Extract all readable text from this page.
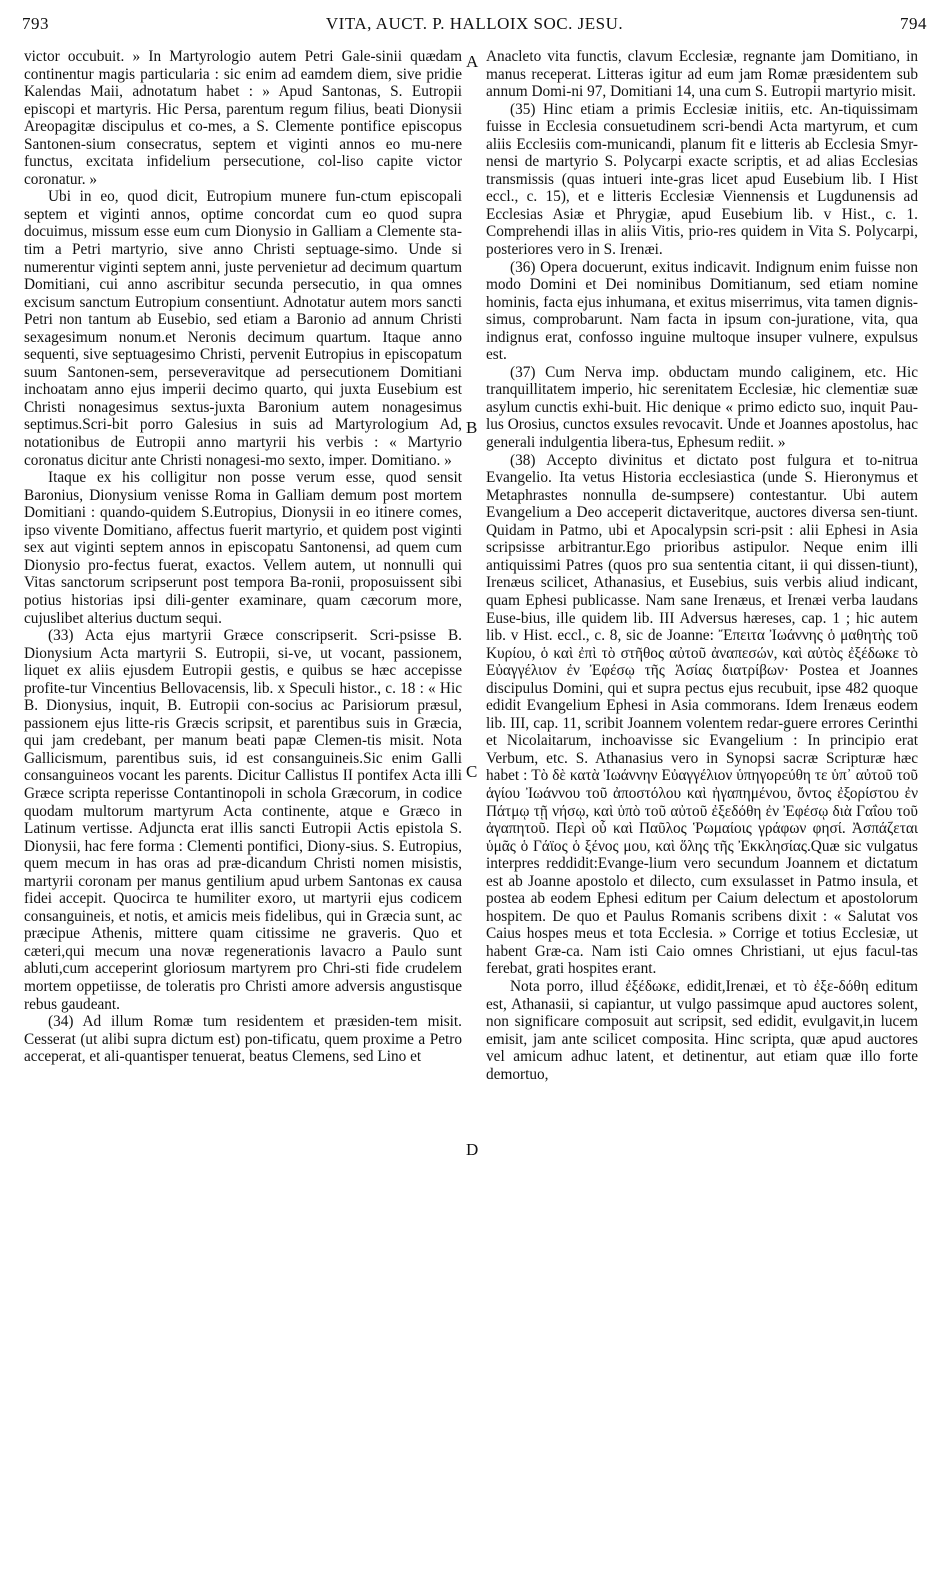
793	VITA, AUCT. P. HALLOIX SOC. JESU.	794
A
B
C
D

victor occubuit. » In Martyrologio autem Petri Gale-sinii quædam continentur magis particularia : sic enim ad eamdem diem, sive pridie Kalendas Maii, adnotatum habet : » Apud Santonas, S. Eutropii episcopi et martyris. Hic Persa, parentum regum filius, beati Dionysii Areopagitæ discipulus et co-mes, a S. Clemente pontifice episcopus Santonen-sium consecratus, septem et viginti annos eo mu-nere functus, excitata infidelium persecutione, col-liso capite victor coronatur. »

Ubi in eo, quod dicit, Eutropium munere fun-ctum episcopali septem et viginti annos, optime concordat cum eo quod supra docuimus, missum esse eum cum Dionysio in Galliam a Clemente sta-tim a Petri martyrio, sive anno Christi septuage-simo. Unde si numerentur viginti septem anni, juste pervenietur ad decimum quartum Domitiani, cui anno ascribitur secunda persecutio, in qua omnes excisum sanctum Eutropium consentiunt. Adnotatur autem mors sancti Petri non tantum ab Eusebio, sed etiam a Baronio ad annum Christi sexagesimum nonum.et Neronis decimum quartum. Itaque anno sequenti, sive septuagesimo Christi, pervenit Eutropius in episcopatum suum Santonen-sem, perseveravitque ad persecutionem Domitiani inchoatam anno ejus imperii decimo quarto, qui juxta Eusebium est Christi nonagesimus sextus-juxta Baronium autem nonagesimus septimus.Scri-bit porro Galesius in suis ad Martyrologium Ad, notationibus de Eutropii anno martyrii his verbis : « Martyrio coronatus dicitur ante Christi nonagesi-mo sexto, imper. Domitiano. »

Itaque ex his colligitur non posse verum esse, quod sensit Baronius, Dionysium venisse Roma in Galliam demum post mortem Domitiani : quando-quidem S.Eutropius, Dionysii in eo itinere comes, ipso vivente Domitiano, affectus fuerit martyrio, et quidem post viginti sex aut viginti septem annos in episcopatu Santonensi, ad quem cum Dionysio pro-fectus fuerat, exactos. Vellem autem, ut nonnulli qui Vitas sanctorum scripserunt post tempora Ba-ronii, proposuissent sibi potius historias ipsi dili-genter examinare, quam cæcorum more, cujuslibet alterius ductum sequi.

(33) Acta ejus martyrii Græce conscripserit. Scri-psisse B. Dionysium Acta martyrii S. Eutropii, si-ve, ut vocant, passionem, liquet ex aliis ejusdem Eutropii gestis, e quibus se hæc accepisse profite-tur Vincentius Bellovacensis, lib. x Speculi histor., c. 18 : « Hic B. Dionysius, inquit, B. Eutropii con-socius ac Parisiorum præsul, passionem ejus litte-ris Græcis scripsit, et parentibus suis in Græcia, qui jam credebant, per manum beati papæ Clemen-tis misit. Nota Gallicismum, parentibus suis, id est consanguineis.Sic enim Galli consanguineos vocant les parents. Dicitur Callistus II pontifex Acta illi Græce scripta reperisse Contantinopoli in schola Græcorum, in codice quodam multorum martyrum Acta continente, atque e Græco in Latinum vertisse. Adjuncta erat illis sancti Eutropii Actis epistola S. Dionysii, hac fere forma : Clementi pontifici, Diony-sius. S. Eutropius, quem mecum in has oras ad præ-dicandum Christi nomen misistis, martyrii coronam per manus gentilium apud urbem Santonas ex causa fidei accepit. Quocirca te humiliter exoro, ut martyrii ejus codicem consanguineis, et notis, et amicis meis fidelibus, qui in Græcia sunt, ac præcipue Athenis, mittere quam citissime ne graveris. Quo et cæteri,qui mecum una novæ regenerationis lavacro a Paulo sunt abluti,cum acceperint gloriosum martyrem pro Chri-sti fide crudelem mortem oppetiisse, de toleratis pro Christi amore adversis angustisque rebus gaudeant.

(34) Ad illum Romæ tum residentem et præsiden-tem misit. Cesserat (ut alibi supra dictum est) pon-tificatu, quem proxime a Petro acceperat, et ali-quantisper tenuerat, beatus Clemens, sed Lino et

Anacleto vita functis, clavum Ecclesiæ, regnante jam Domitiano, in manus receperat. Litteras igitur ad eum jam Romæ præsidentem sub annum Domi-ni 97, Domitiani 14, una cum S. Eutropii martyrio misit.

(35) Hinc etiam a primis Ecclesiæ initiis, etc. An-tiquissimam fuisse in Ecclesia consuetudinem scri-bendi Acta martyrum, et cum aliis Ecclesiis com-municandi, planum fit e litteris ab Ecclesia Smyr-nensi de martyrio S. Polycarpi exacte scriptis, et ad alias Ecclesias transmissis (quas intueri inte-gras licet apud Eusebium lib. I Hist eccl., c. 15), et e litteris Ecclesiæ Viennensis et Lugdunensis ad Ecclesias Asiæ et Phrygiæ, apud Eusebium lib. v Hist., c. 1. Comprehendi illas in aliis Vitis, prio-res quidem in Vita S. Polycarpi, posteriores vero in S. Irenæi.

(36) Opera docuerunt, exitus indicavit. Indignum enim fuisse non modo Domini et Dei nominibus Domitianum, sed etiam nomine hominis, facta ejus inhumana, et exitus miserrimus, vita tamen dignis-simus, comprobarunt. Nam facta in ipsum con-juratione, vita, qua indignus erat, confosso inguine multoque insuper vulnere, expulsus est.

(37) Cum Nerva imp. obductam mundo caliginem, etc. Hic tranquillitatem imperio, hic serenitatem Ecclesiæ, hic clementiæ suæ asylum cunctis exhi-buit. Hic denique « primo edicto suo, inquit Pau-lus Orosius, cunctos exsules revocavit. Unde et Joannes apostolus, hac generali indulgentia libera-tus, Ephesum rediit. »

(38) Accepto divinitus et dictato post fulgura et to-nitrua Evangelio. Ita vetus Historia ecclesiastica (unde S. Hieronymus et Metaphrastes nonnulla de-sumpsere) contestantur. Ubi autem Evangelium a Deo acceperit dictaveritque, auctores diversa sen-tiunt. Quidam in Patmo, ubi et Apocalypsin scri-psit : alii Ephesi in Asia scripsisse arbitrantur.Ego prioribus astipulor. Neque enim illi antiquissimi Patres (quos pro sua sententia citant, ii qui dissen-tiunt), Irenæus scilicet, Athanasius, et Eusebius, suis verbis aliud indicant, quam Ephesi publicasse. Nam sane Irenæus, et Irenæi verba laudans Euse-bius, ille quidem lib. III Adversus hæreses, cap. 1 ; hic autem lib. v Hist. eccl., c. 8, sic de Joanne: Ἔπειτα Ἰωάννης ὁ μαθητὴς τοῦ Κυρίου, ὁ καὶ ἐπὶ τὸ στῆθος αὐτοῦ ἀναπεσών, καὶ αὐτὸς ἐξέδωκε τὸ Εὐαγγέλιον ἐν Ἐφέσῳ τῆς Ἀσίας διατρίβων· Postea et Joannes discipulus Domini, qui et supra pectus ejus recubuit, ipse 482 quoque edidit Evangelium Ephesi in Asia commorans. Idem Irenæus eodem lib. III, cap. 11, scribit Joannem volentem redar-guere errores Cerinthi et Nicolaitarum, inchoavisse sic Evangelium : In principio erat Verbum, etc. S. Athanasius vero in Synopsi sacræ Scripturæ hæc habet : Τὸ δὲ κατὰ Ἰωάννην Εὐαγγέλιον ὑπηγορεύθη τε ὑπ᾽ αὐτοῦ τοῦ ἁγίου Ἰωάννου τοῦ ἀποστόλου καὶ ἠγαπημένου, ὄντος ἐξορίστου ἐν Πάτμῳ τῇ νήσῳ, καὶ ὑπὸ τοῦ αὐτοῦ ἐξεδόθη ἐν Ἐφέσῳ διὰ Γαΐου τοῦ ἀγαπητοῦ. Περὶ οὗ καὶ Παῦλος Ῥωμαίοις γράφων φησί. Ἀσπάζεται ὑμᾶς ὁ Γάϊος ὁ ξένος μου, καὶ ὅλης τῆς Ἐκκλησίας.Quæ sic vulgatus interpres reddidit:Evange-lium vero secundum Joannem et dictatum est ab Joanne apostolo et dilecto, cum exsulasset in Patmo insula, et postea ab eodem Ephesi editum per Caium delectum et apostolorum hospitem. De quo et Paulus Romanis scribens dixit : « Salutat vos Caius hospes meus et tota Ecclesia. » Corrige et totius Ecclesiæ, ut habent Græ-ca. Nam isti Caio omnes Christiani, ut ejus facul-tas ferebat, grati hospites erant.

Nota porro, illud ἐξέδωκε, edidit,Irenæi, et τὸ ἐξε-δόθη editum est, Athanasii, si capiantur, ut vulgo passimque apud auctores solent, non significare composuit aut scripsit, sed edidit, evulgavit,in lucem emisit, jam ante scilicet composita. Hinc scripta, quæ apud auctores vel amicum adhuc latent, et detinentur, aut etiam quæ illo forte demortuo,
